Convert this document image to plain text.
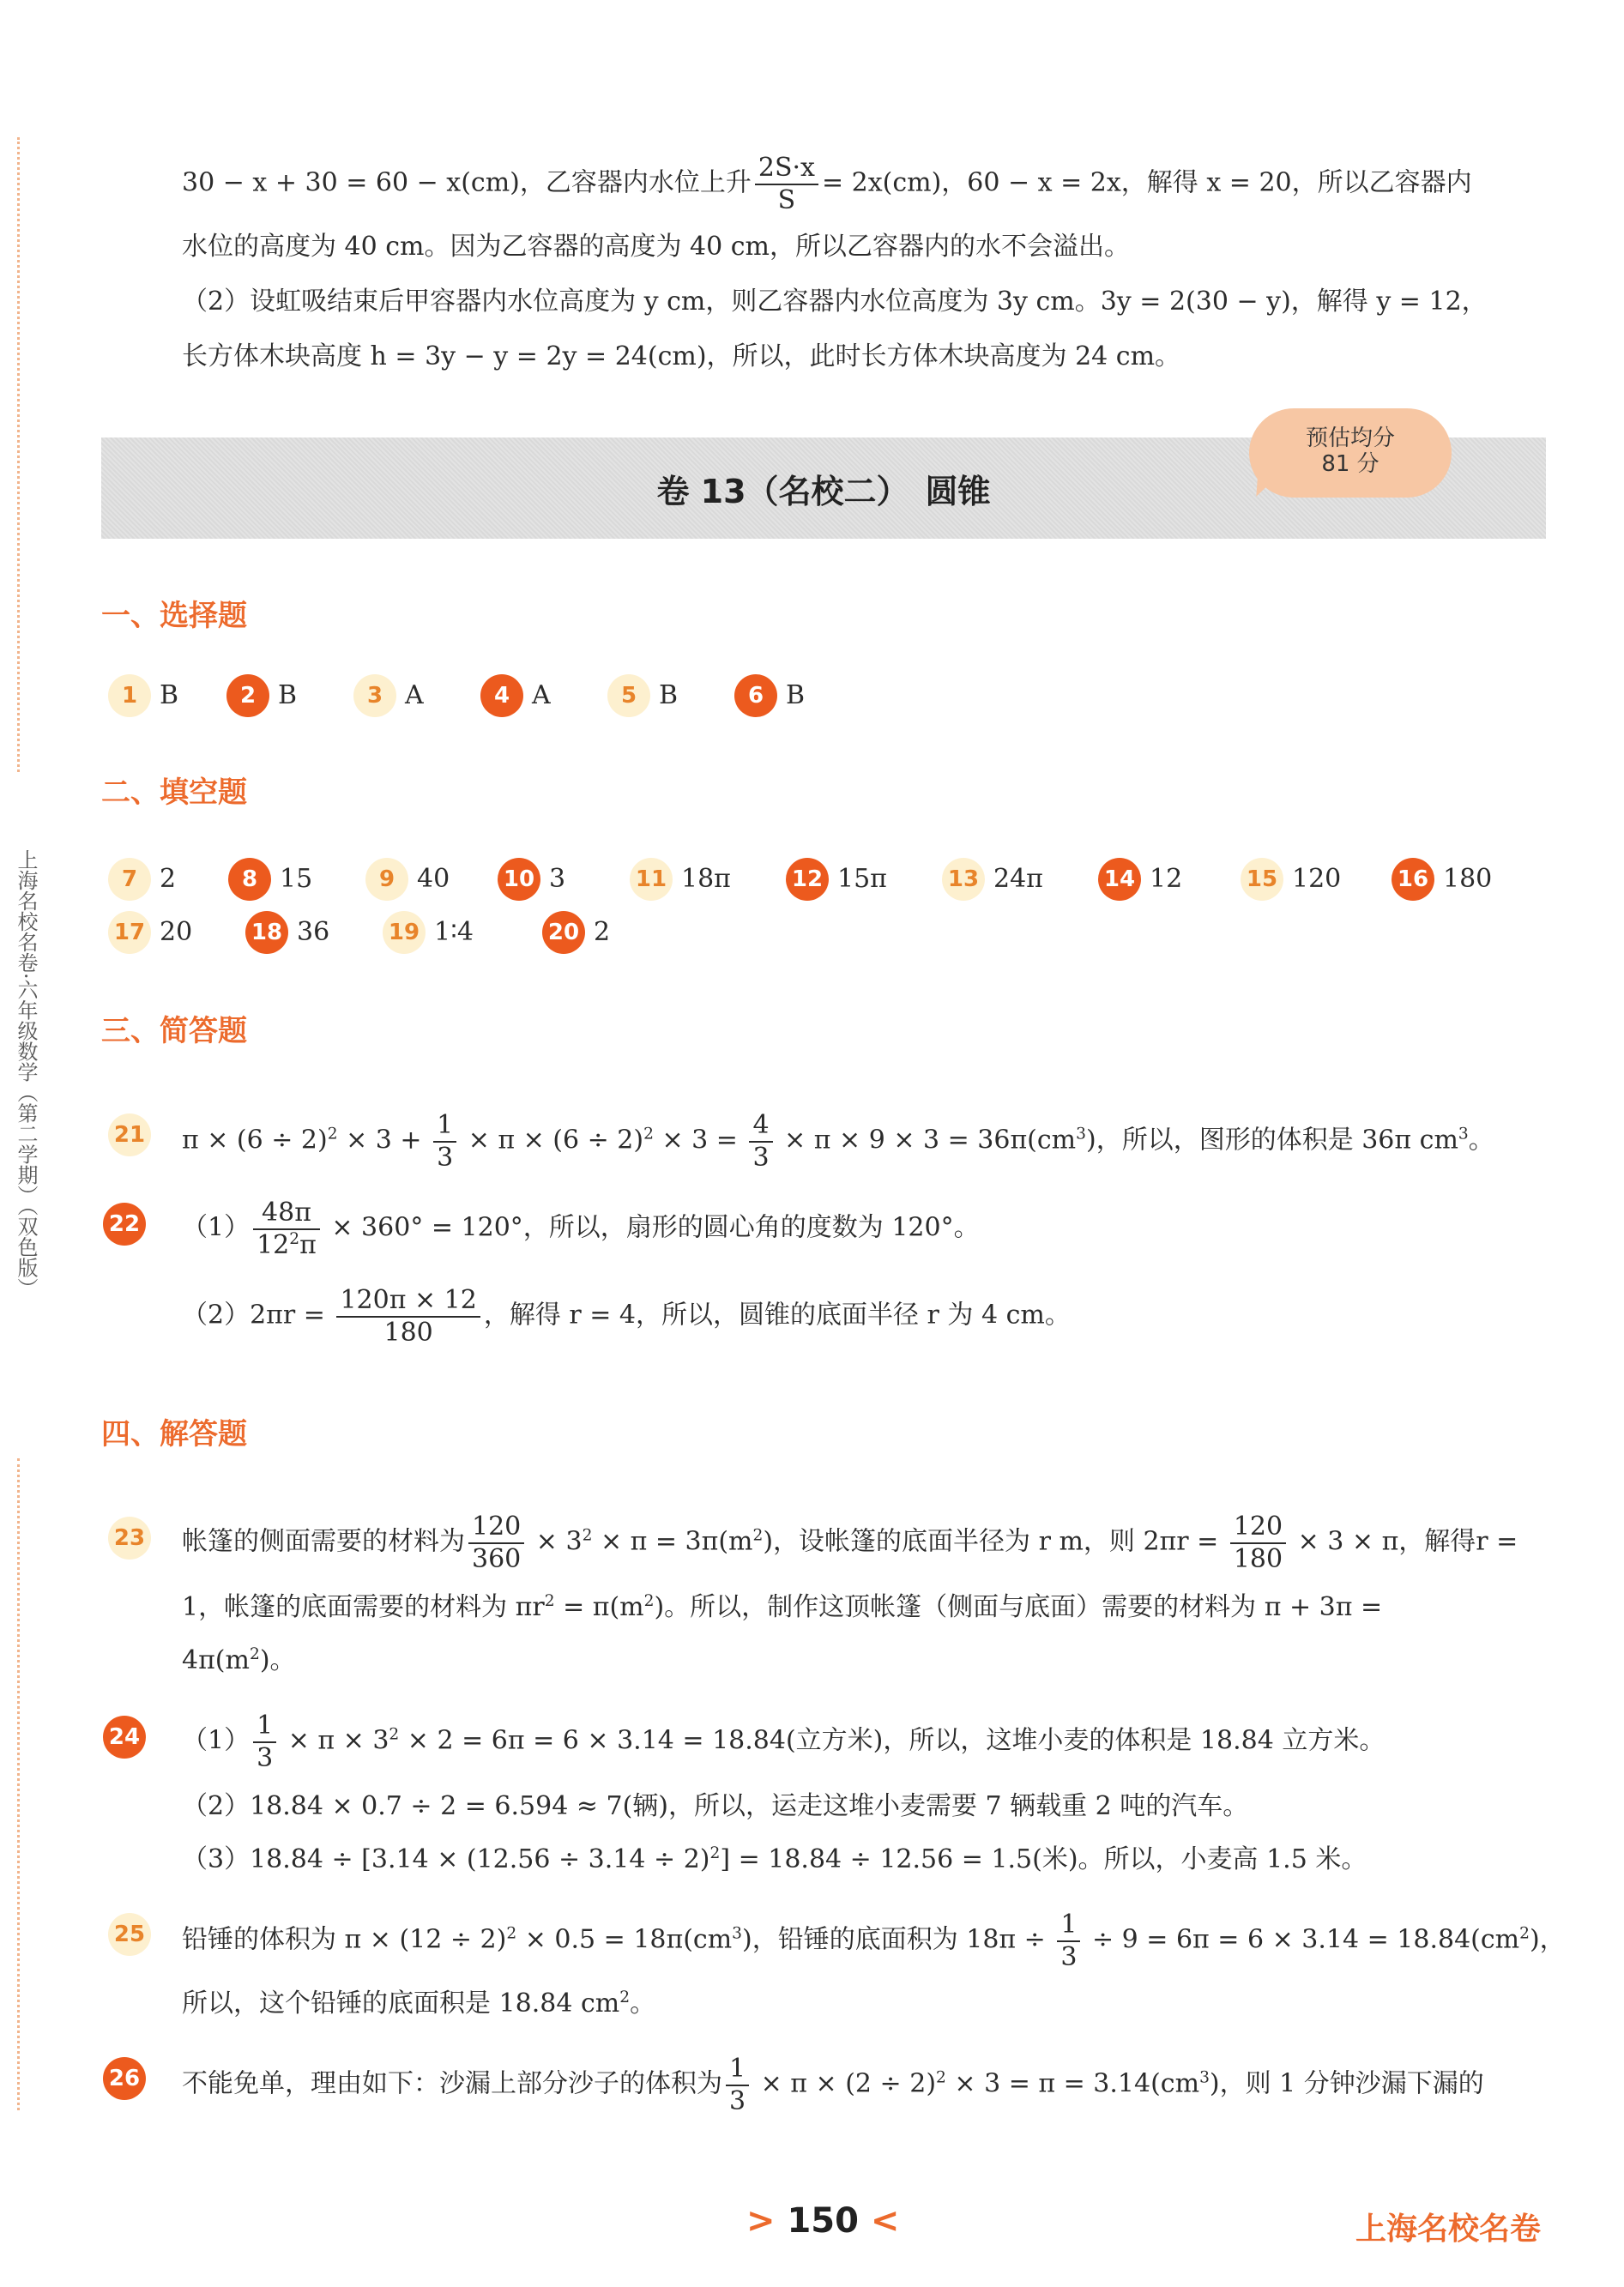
上海名校名卷·六年级数学（第二学期）（双色版）
30 − x + 30 = 60 − x(cm)，乙容器内水位上升 $\frac{2S\cdot x}{S} = 2x(cm)$，60 − x = 2x，解得 x = 20，所以乙容器内
水位的高度为 40 cm。因为乙容器的高度为 40 cm，所以乙容器内的水不会溢出。
（2）设虹吸结束后甲容器内水位高度为 y cm，则乙容器内水位高度为 3y cm。3y = 2(30 − y)，解得 y = 12，
长方体木块高度 h = 3y − y = 2y = 24(cm)，所以，此时长方体木块高度为 24 cm。
卷 13（名校二）　圆锥
预估均分
81 分
一、选择题
1 B	2 B	3 A	4 A	5 B	6 B
二、填空题
7 2	8 15	9 40 10 3	11 18π	12 15π	13 24π	14 12	15 120	16 180
17 20	18 36	19 1∶4	20 2
三、简答题
21 $\pi \times (6 \div 2)^2 \times 3 + \frac{1}{3} \times \pi \times (6 \div 2)^2 \times 3 = \frac{4}{3} \times \pi \times 9 \times 3 = 36\pi(cm^3)$，所以，图形的体积是 36π $cm^3$。
22 $(1) \frac{48\pi}{12^2\pi} \times 360^\circ = 120^\circ$，所以，扇形的圆心角的度数为 120°。
$(2)2\pi r = \frac{120\pi \times 12}{180}$ ，解得 r = 4，所以，圆锥的底面半径 r 为 4 cm。
四、解答题
23 帐篷的侧面需要的材料为 $\frac{120}{360} \times 3^2 \times \pi = 3\pi(m^2)$，设帐篷的底面半径为 r m，则 $2\pi r = \frac{120}{180} \times 3 \times \pi$，解得r =
1，帐篷的底面需要的材料为 $\pi r^2 = \pi(m^2)$。所以，制作这顶帐篷（侧面与底面）需要的材料为 π + 3π =
$4\pi(m^2)$。
24 $(1) \frac{1}{3} \times \pi \times 3^2 \times 2 = 6\pi = 6 \times 3.14 = 18.84$(立方米)，所以，这堆小麦的体积是 18.84 立方米。
（2）18.84 × 0.7 ÷ 2 = 6.594 ≈ 7(辆)，所以，运走这堆小麦需要 7 辆载重 2 吨的汽车。
$(3)18.84 \div [3.14 \times (12.56 \div 3.14 \div 2)^2] = 18.84 \div 12.56 = 1.5$(米)。所以，小麦高 1.5 米。
25 铅锤的体积为 $\pi \times (12 \div 2)^2 \times 0.5 = 18\pi(cm^3)$，铅锤的底面积为 $18\pi \div \frac{1}{3} \div 9 = 6\pi = 6 \times 3.14 = 18.84(cm^2)$，
所以，这个铅锤的底面积是 18.84 $cm^2$。
26 不能免单，理由如下：沙漏上部分沙子的体积为 $\frac{1}{3} \times \pi \times (2 \div 2)^2 \times 3 = \pi = 3.14(cm^3)$，则 1 分钟沙漏下漏的
> 150 <	上海名校名卷
